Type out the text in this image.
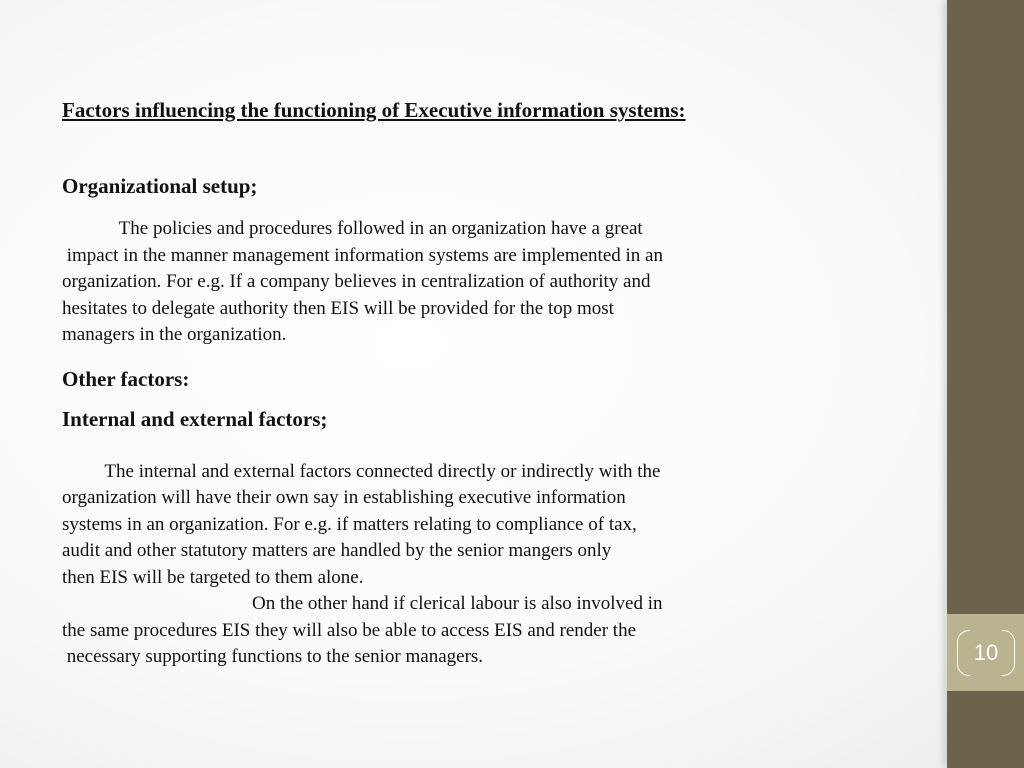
Factors influencing the functioning of Executive information systems:
Organizational setup;

The policies and procedures followed in an organization have a great
impact in the manner management information systems are implemented in an
organization. For e.g. If a company believes in centralization of authority and
hesitates to delegate authority then EIS will be provided for the top most
managers in the organization.

Other factors:
Internal and external factors;

The internal and external factors connected directly or indirectly with the
organization will have their own say in establishing executive information
systems in an organization. For e.g. if matters relating to compliance of tax,
audit and other statutory matters are handled by the senior mangers only
then EIS will be targeted to them alone.
On the other hand if clerical labour is also involved in
the same procedures EIS they will also be able to access EIS and render the
necessary supporting functions to the senior managers.	10
